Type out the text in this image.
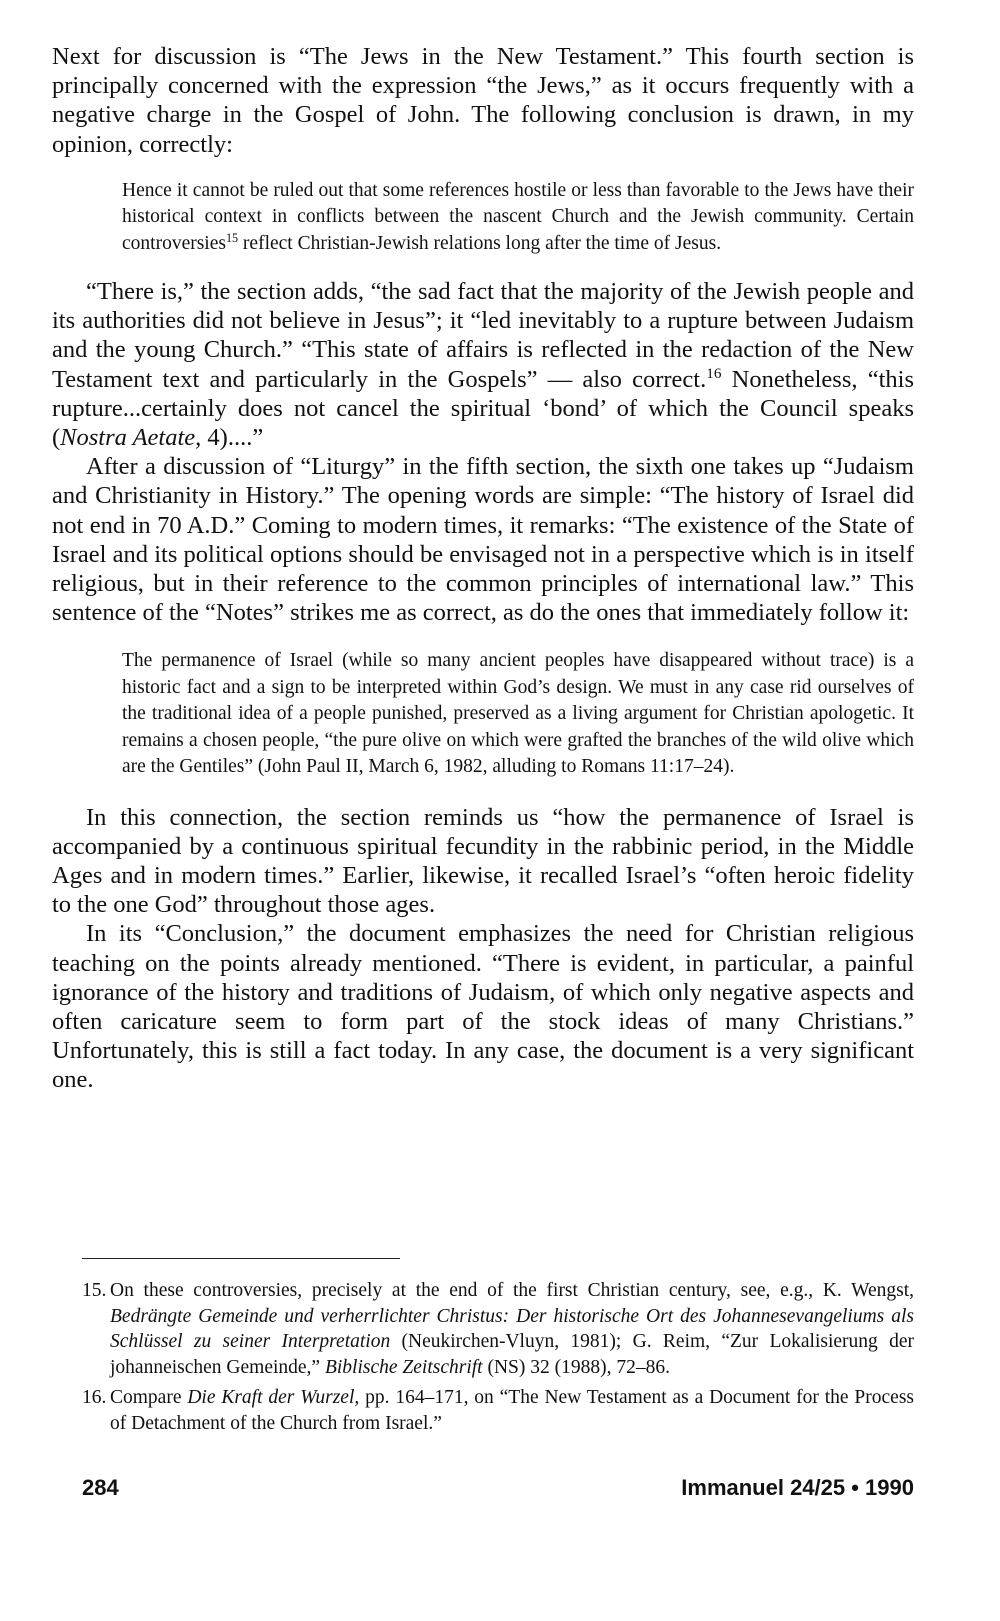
Next for discussion is “The Jews in the New Testament.” This fourth section is principally concerned with the expression “the Jews,” as it occurs frequently with a negative charge in the Gospel of John. The following conclusion is drawn, in my opinion, correctly:

Hence it cannot be ruled out that some references hostile or less than favorable to the Jews have their historical context in conflicts between the nascent Church and the Jewish community. Certain controversies$^{15}$ reflect Christian-Jewish relations long after the time of Jesus.

“There is,” the section adds, “the sad fact that the majority of the Jewish people and its authorities did not believe in Jesus”; it “led inevitably to a rupture between Judaism and the young Church.” “This state of affairs is reflected in the redaction of the New Testament text and particularly in the Gospels” — also correct.$^{16}$ Nonetheless, “this rupture...certainly does not cancel the spiritual ‘bond’ of which the Council speaks (Nostra Aetate, 4)....”

After a discussion of “Liturgy” in the fifth section, the sixth one takes up “Judaism and Christianity in History.” The opening words are simple: “The history of Israel did not end in 70 A.D.” Coming to modern times, it remarks: “The existence of the State of Israel and its political options should be envisaged not in a perspective which is in itself religious, but in their reference to the common principles of international law.” This sentence of the “Notes” strikes me as correct, as do the ones that immediately follow it:

The permanence of Israel (while so many ancient peoples have disappeared without trace) is a historic fact and a sign to be interpreted within God’s design. We must in any case rid ourselves of the traditional idea of a people punished, preserved as a living argument for Christian apologetic. It remains a chosen people, “the pure olive on which were grafted the branches of the wild olive which are the Gentiles” (John Paul II, March 6, 1982, alluding to Romans 11:17–24).

In this connection, the section reminds us “how the permanence of Israel is accompanied by a continuous spiritual fecundity in the rabbinic period, in the Middle Ages and in modern times.” Earlier, likewise, it recalled Israel’s “often heroic fidelity to the one God” throughout those ages.

In its “Conclusion,” the document emphasizes the need for Christian religious teaching on the points already mentioned. “There is evident, in particular, a painful ignorance of the history and traditions of Judaism, of which only negative aspects and often caricature seem to form part of the stock ideas of many Christians.” Unfortunately, this is still a fact today. In any case, the document is a very significant one.

15. On these controversies, precisely at the end of the first Christian century, see, e.g., K. Wengst, Bedrängte Gemeinde und verherrlichter Christus: Der historische Ort des Johannesevangeliums als Schlüssel zu seiner Interpretation (Neukirchen-Vluyn, 1981); G. Reim, “Zur Lokalisierung der johanneischen Gemeinde,” Biblische Zeitschrift (NS) 32 (1988), 72–86.
16. Compare Die Kraft der Wurzel, pp. 164–171, on “The New Testament as a Document for the Process of Detachment of the Church from Israel.”
284	Immanuel 24/25 • 1990
